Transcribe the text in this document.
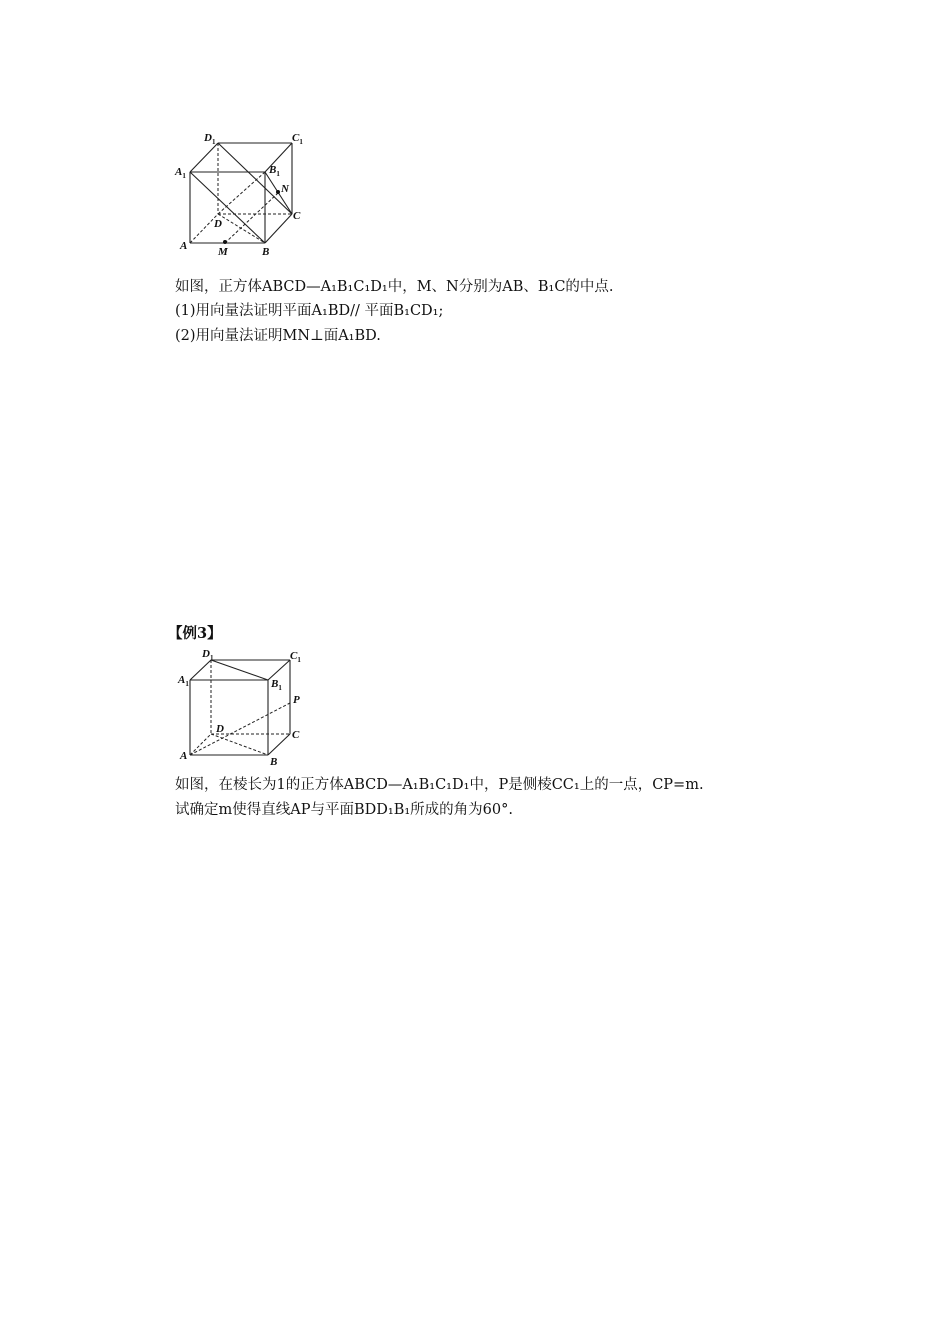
$D_1$	$C_1$
$A_1$	$B_1$
N
D
C
A	M	B
如图，正方体ABCD—A₁B₁C₁D₁中，M、N分别为AB、B₁C的中点.
(1)用向量法证明平面A₁BD// 平面B₁CD₁;
(2)用向量法证明MN⊥面A₁BD.
【例3】
$D_1$	$C_1$
$A_1$	$B_1$
P
D	C
A	B
如图，在棱长为1的正方体ABCD—A₁B₁C₁D₁中，P是侧棱CC₁上的一点，CP=m.
试确定m使得直线AP与平面BDD₁B₁所成的角为60°.
